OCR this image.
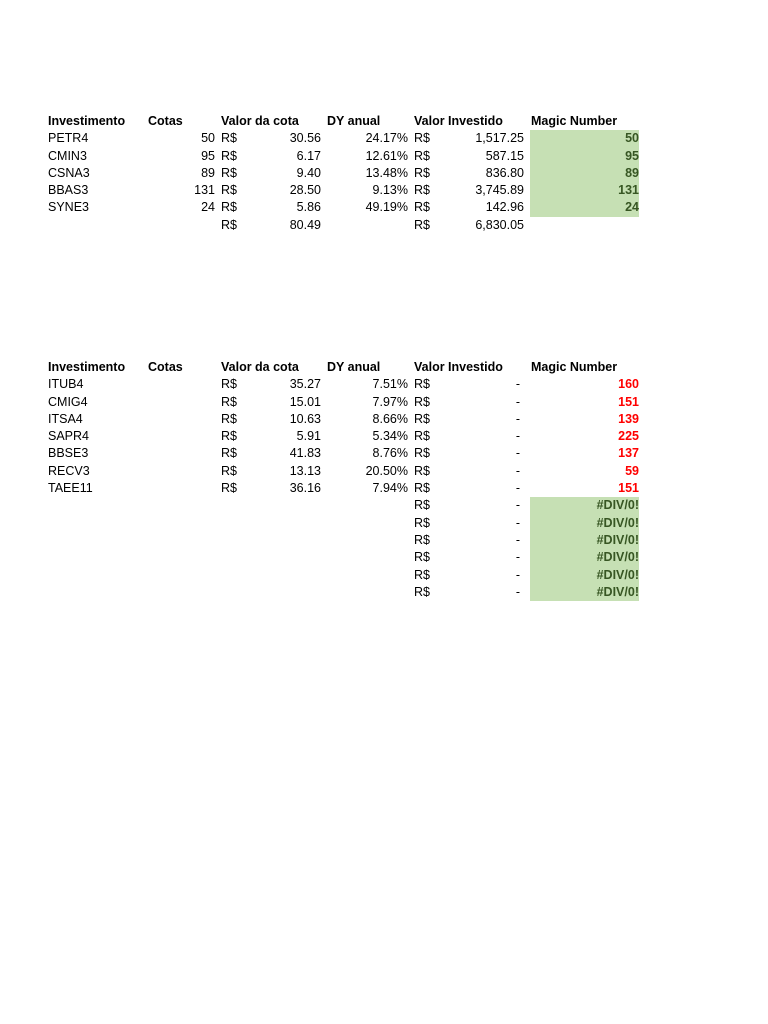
Investimento Cotas	Valor da cota DY anual	Valor Investido Magic Number
PETR4	50 R$	30.56	24.17% R$	1,517.25	50
CMIN3	95 R$	6.17	12.61% R$	587.15	95
CSNA3	89 R$	9.40	13.48% R$	836.80	89
BBAS3	131 R$	28.50	9.13% R$	3,745.89	131
SYNE3	24 R$	5.86	49.19% R$	142.96	24
R$	80.49	R$	6,830.05
Investimento Cotas	Valor da cota DY anual	Valor Investido Magic Number
ITUB4	R$	35.27	7.51% R$	-	160
CMIG4	R$	15.01	7.97% R$	-	151
ITSA4	R$	10.63	8.66% R$	-	139
SAPR4	R$	5.91	5.34% R$	-	225
BBSE3	R$	41.83	8.76% R$	-	137
RECV3	R$	13.13	20.50% R$	-	59
TAEE11	R$	36.16	7.94% R$	-	151
R$	-	#DIV/0!
R$	-	#DIV/0!
R$	-	#DIV/0!
R$	-	#DIV/0!
R$	-	#DIV/0!
R$	-	#DIV/0!
